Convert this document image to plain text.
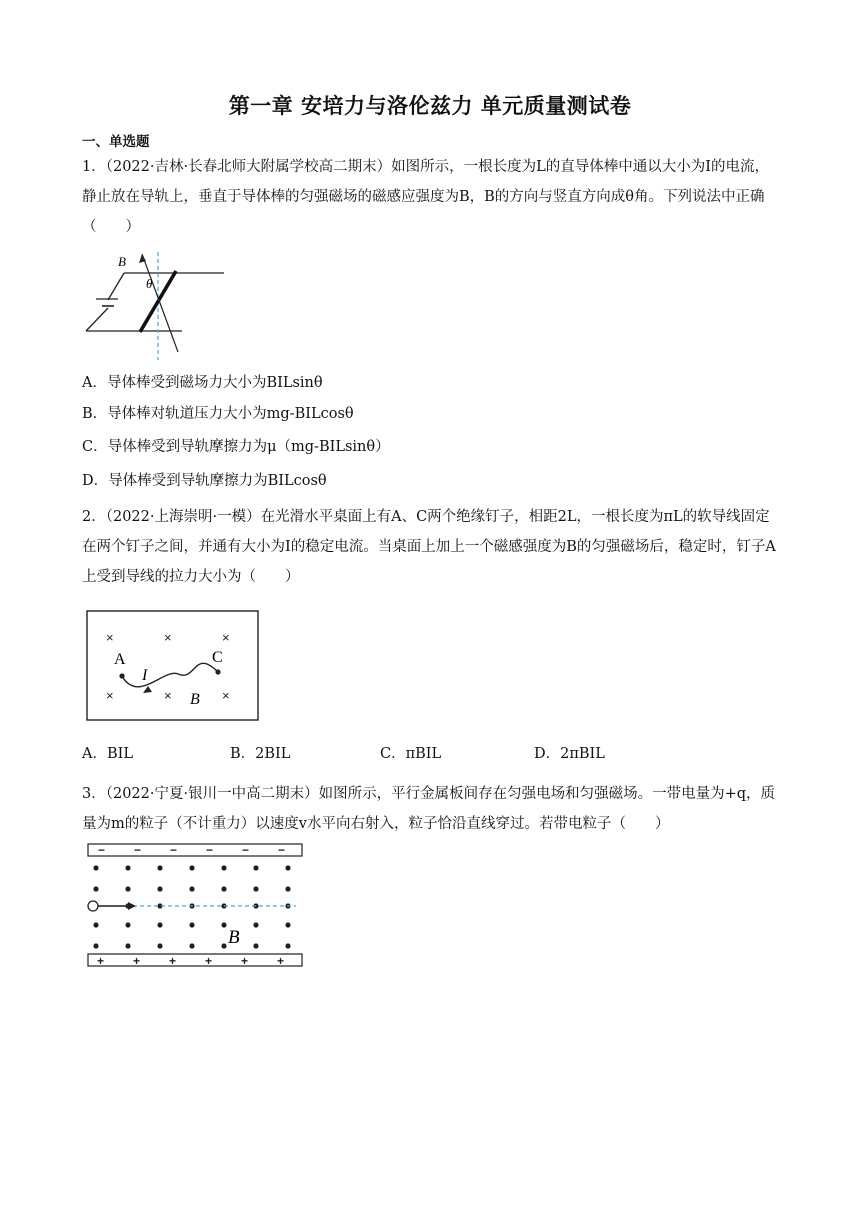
第一章 安培力与洛伦兹力 单元质量测试卷
一、单选题
1．（2022·吉林·长春北师大附属学校高二期末）如图所示，一根长度为L的直导体棒中通以大小为I的电流，静止放在导轨上，垂直于导体棒的匀强磁场的磁感应强度为B，B的方向与竖直方向成θ角。下列说法中正确（　　）
B
θ
A．导体棒受到磁场力大小为BILsinθ
B．导体棒对轨道压力大小为mg-BILcosθ
C．导体棒受到导轨摩擦力为μ（mg-BILsinθ）
D．导体棒受到导轨摩擦力为BILcosθ
2．（2022·上海崇明·一模）在光滑水平桌面上有A、C两个绝缘钉子，相距2L，一根长度为πL的软导线固定在两个钉子之间，并通有大小为I的稳定电流。当桌面上加上一个磁感强度为B的匀强磁场后，稳定时，钉子A上受到导线的拉力大小为（　　）
×	×	×
×	×	×
A	C
I
B
A．BIL	B．2BIL	C．πBIL	D．2πBIL
3．（2022·宁夏·银川一中高二期末）如图所示，平行金属板间存在匀强电场和匀强磁场。一带电量为+q，质量为m的粒子（不计重力）以速度v水平向右射入，粒子恰沿直线穿过。若带电粒子（　　）
−
+
−
+
−
+
−
+
−
+
−
+
B
